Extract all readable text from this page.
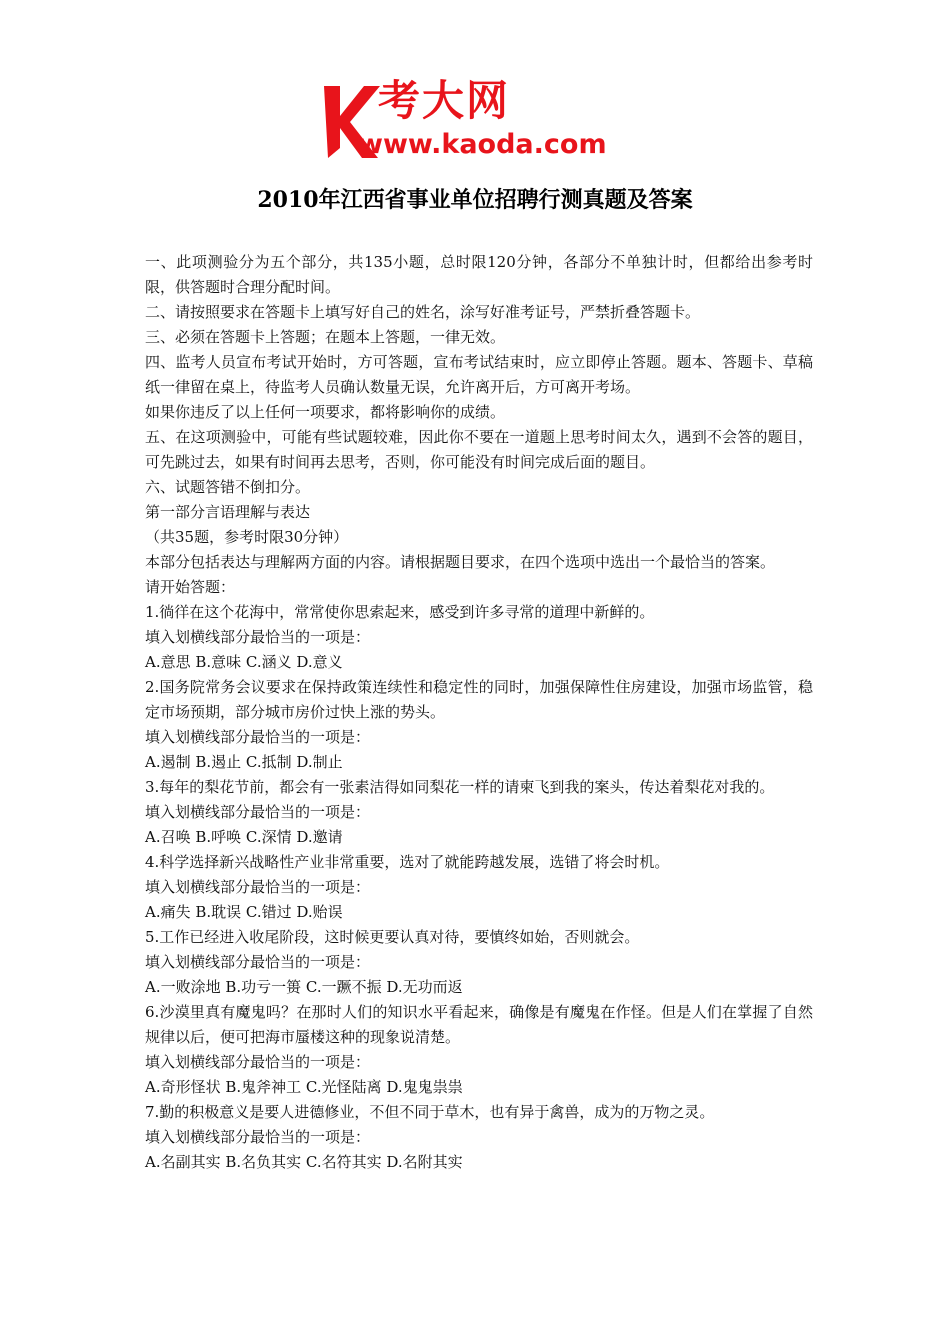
考大网
www.kaoda.com
2010年江西省事业单位招聘行测真题及答案

一、此项测验分为五个部分，共135小题，总时限120分钟，各部分不单独计时，但都给出参考时限，供答题时合理分配时间。

二、请按照要求在答题卡上填写好自己的姓名，涂写好准考证号，严禁折叠答题卡。

三、必须在答题卡上答题；在题本上答题，一律无效。

四、监考人员宣布考试开始时，方可答题，宣布考试结束时，应立即停止答题。题本、答题卡、草稿纸一律留在桌上，待监考人员确认数量无误，允许离开后，方可离开考场。

如果你违反了以上任何一项要求，都将影响你的成绩。

五、在这项测验中，可能有些试题较难，因此你不要在一道题上思考时间太久，遇到不会答的题目，可先跳过去，如果有时间再去思考，否则，你可能没有时间完成后面的题目。

六、试题答错不倒扣分。

第一部分言语理解与表达

（共35题，参考时限30分钟）

本部分包括表达与理解两方面的内容。请根据题目要求，在四个选项中选出一个最恰当的答案。

请开始答题：

1.徜徉在这个花海中，常常使你思索起来，感受到许多寻常的道理中新鲜的。

填入划横线部分最恰当的一项是：

A.意思 B.意味 C.涵义 D.意义

2.国务院常务会议要求在保持政策连续性和稳定性的同时，加强保障性住房建设，加强市场监管，稳定市场预期，部分城市房价过快上涨的势头。

填入划横线部分最恰当的一项是：

A.遏制 B.遏止 C.抵制 D.制止

3.每年的梨花节前，都会有一张素洁得如同梨花一样的请柬飞到我的案头，传达着梨花对我的。

填入划横线部分最恰当的一项是：

A.召唤 B.呼唤 C.深情 D.邀请

4.科学选择新兴战略性产业非常重要，选对了就能跨越发展，选错了将会时机。

填入划横线部分最恰当的一项是：

A.痛失 B.耽误 C.错过 D.贻误

5.工作已经进入收尾阶段，这时候更要认真对待，要慎终如始，否则就会。

填入划横线部分最恰当的一项是：

A.一败涂地 B.功亏一篑 C.一蹶不振 D.无功而返

6.沙漠里真有魔鬼吗？在那时人们的知识水平看起来，确像是有魔鬼在作怪。但是人们在掌握了自然规律以后，便可把海市蜃楼这种的现象说清楚。

填入划横线部分最恰当的一项是：

A.奇形怪状 B.鬼斧神工 C.光怪陆离 D.鬼鬼祟祟

7.勤的积极意义是要人进德修业，不但不同于草木，也有异于禽兽，成为的万物之灵。

填入划横线部分最恰当的一项是：

A.名副其实 B.名负其实 C.名符其实 D.名附其实
